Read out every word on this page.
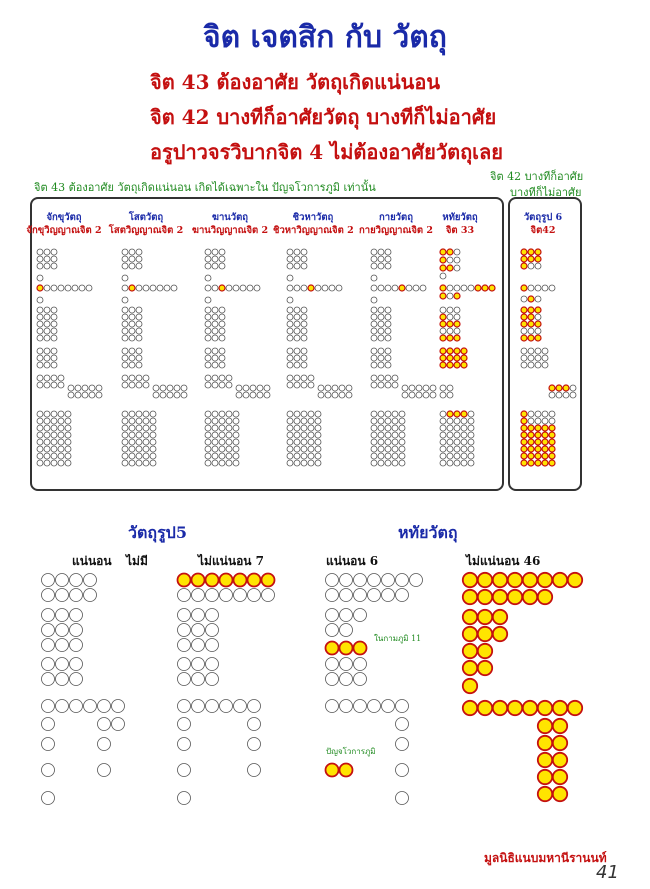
จิต เจตสิก กับ วัตถุ
จิต 43 ต้องอาศัย วัตถุเกิดแน่นอน
จิต 42 บางทีก็อาศัยวัตถุ บางทีก็ไม่อาศัย
อรูปาวจรวิบากจิต 4 ไม่ต้องอาศัยวัตถุเลย
จิต 43 ต้องอาศัย วัตถุเกิดแน่นอน เกิดได้เฉพาะใน ปัญจโวการภูมิ เท่านั้น
จิต 42 บางทีก็อาศัย
บางทีก็ไม่อาศัย
จักขุวัตถุ
จักขุวิญญาณจิต 2
โสตวัตถุ
โสตวิญญาณจิต 2
ฆานวัตถุ
ฆานวิญญาณจิต 2
ชิวหาวัตถุ
ชิวหาวิญญาณจิต 2
กายวัตถุ
กายวิญญาณจิต 2
หทัยวัตถุ
จิต 33
วัตถุรูป 6
จิต42
วัตถุรูป5	หทัยวัตถุ
แน่นอน ไม่มี	ไม่แน่นอน 7	แน่นอน 6	ไม่แน่นอน 46
ในกามภูมิ 11
ปัญจโวการภูมิ
มูลนิธิแนบมหานีรานนท์
41
